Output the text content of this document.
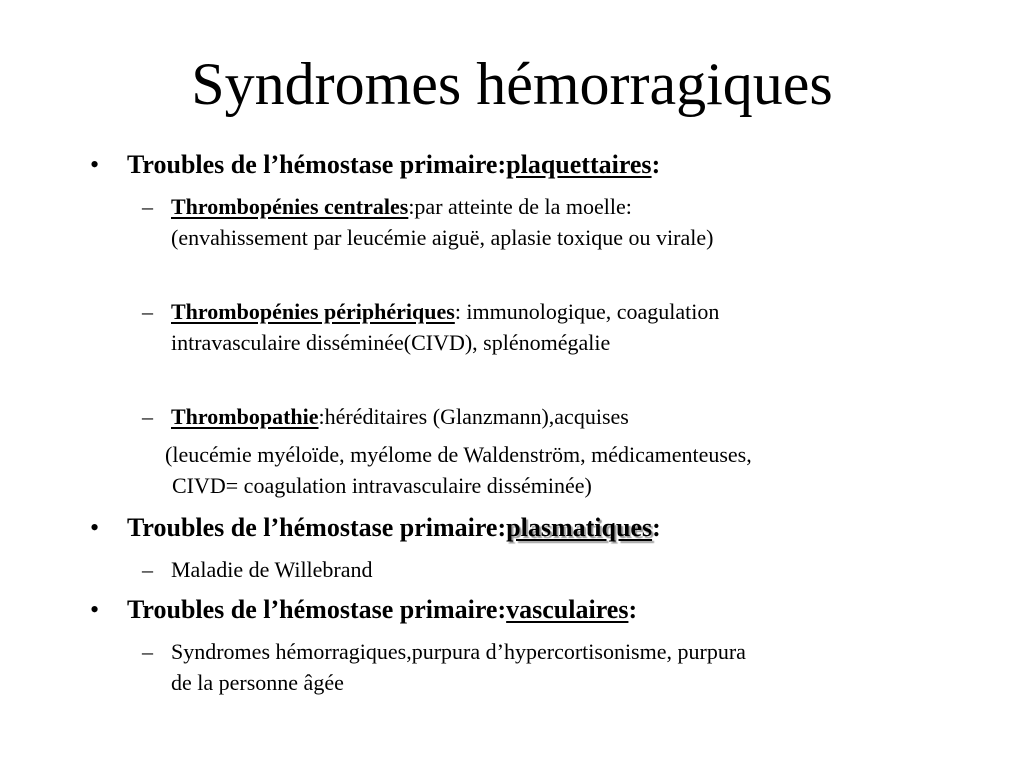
Syndromes hémorragiques
• Troubles de l’hémostase primaire:plaquettaires:
– Thrombopénies centrales:par atteinte de la moelle:
(envahissement par leucémie aiguë, aplasie toxique ou virale)
– Thrombopénies périphériques: immunologique, coagulation
intravasculaire disséminée(CIVD), splénomégalie
– Thrombopathie:héréditaires (Glanzmann),acquises
(leucémie myéloïde, myélome de Waldenström, médicamenteuses,
CIVD= coagulation intravasculaire disséminée)
• Troubles de l’hémostase primaire:plasmatiques:
– Maladie de Willebrand
• Troubles de l’hémostase primaire:vasculaires:
– Syndromes hémorragiques,purpura d’hypercortisonisme, purpura
de la personne âgée
